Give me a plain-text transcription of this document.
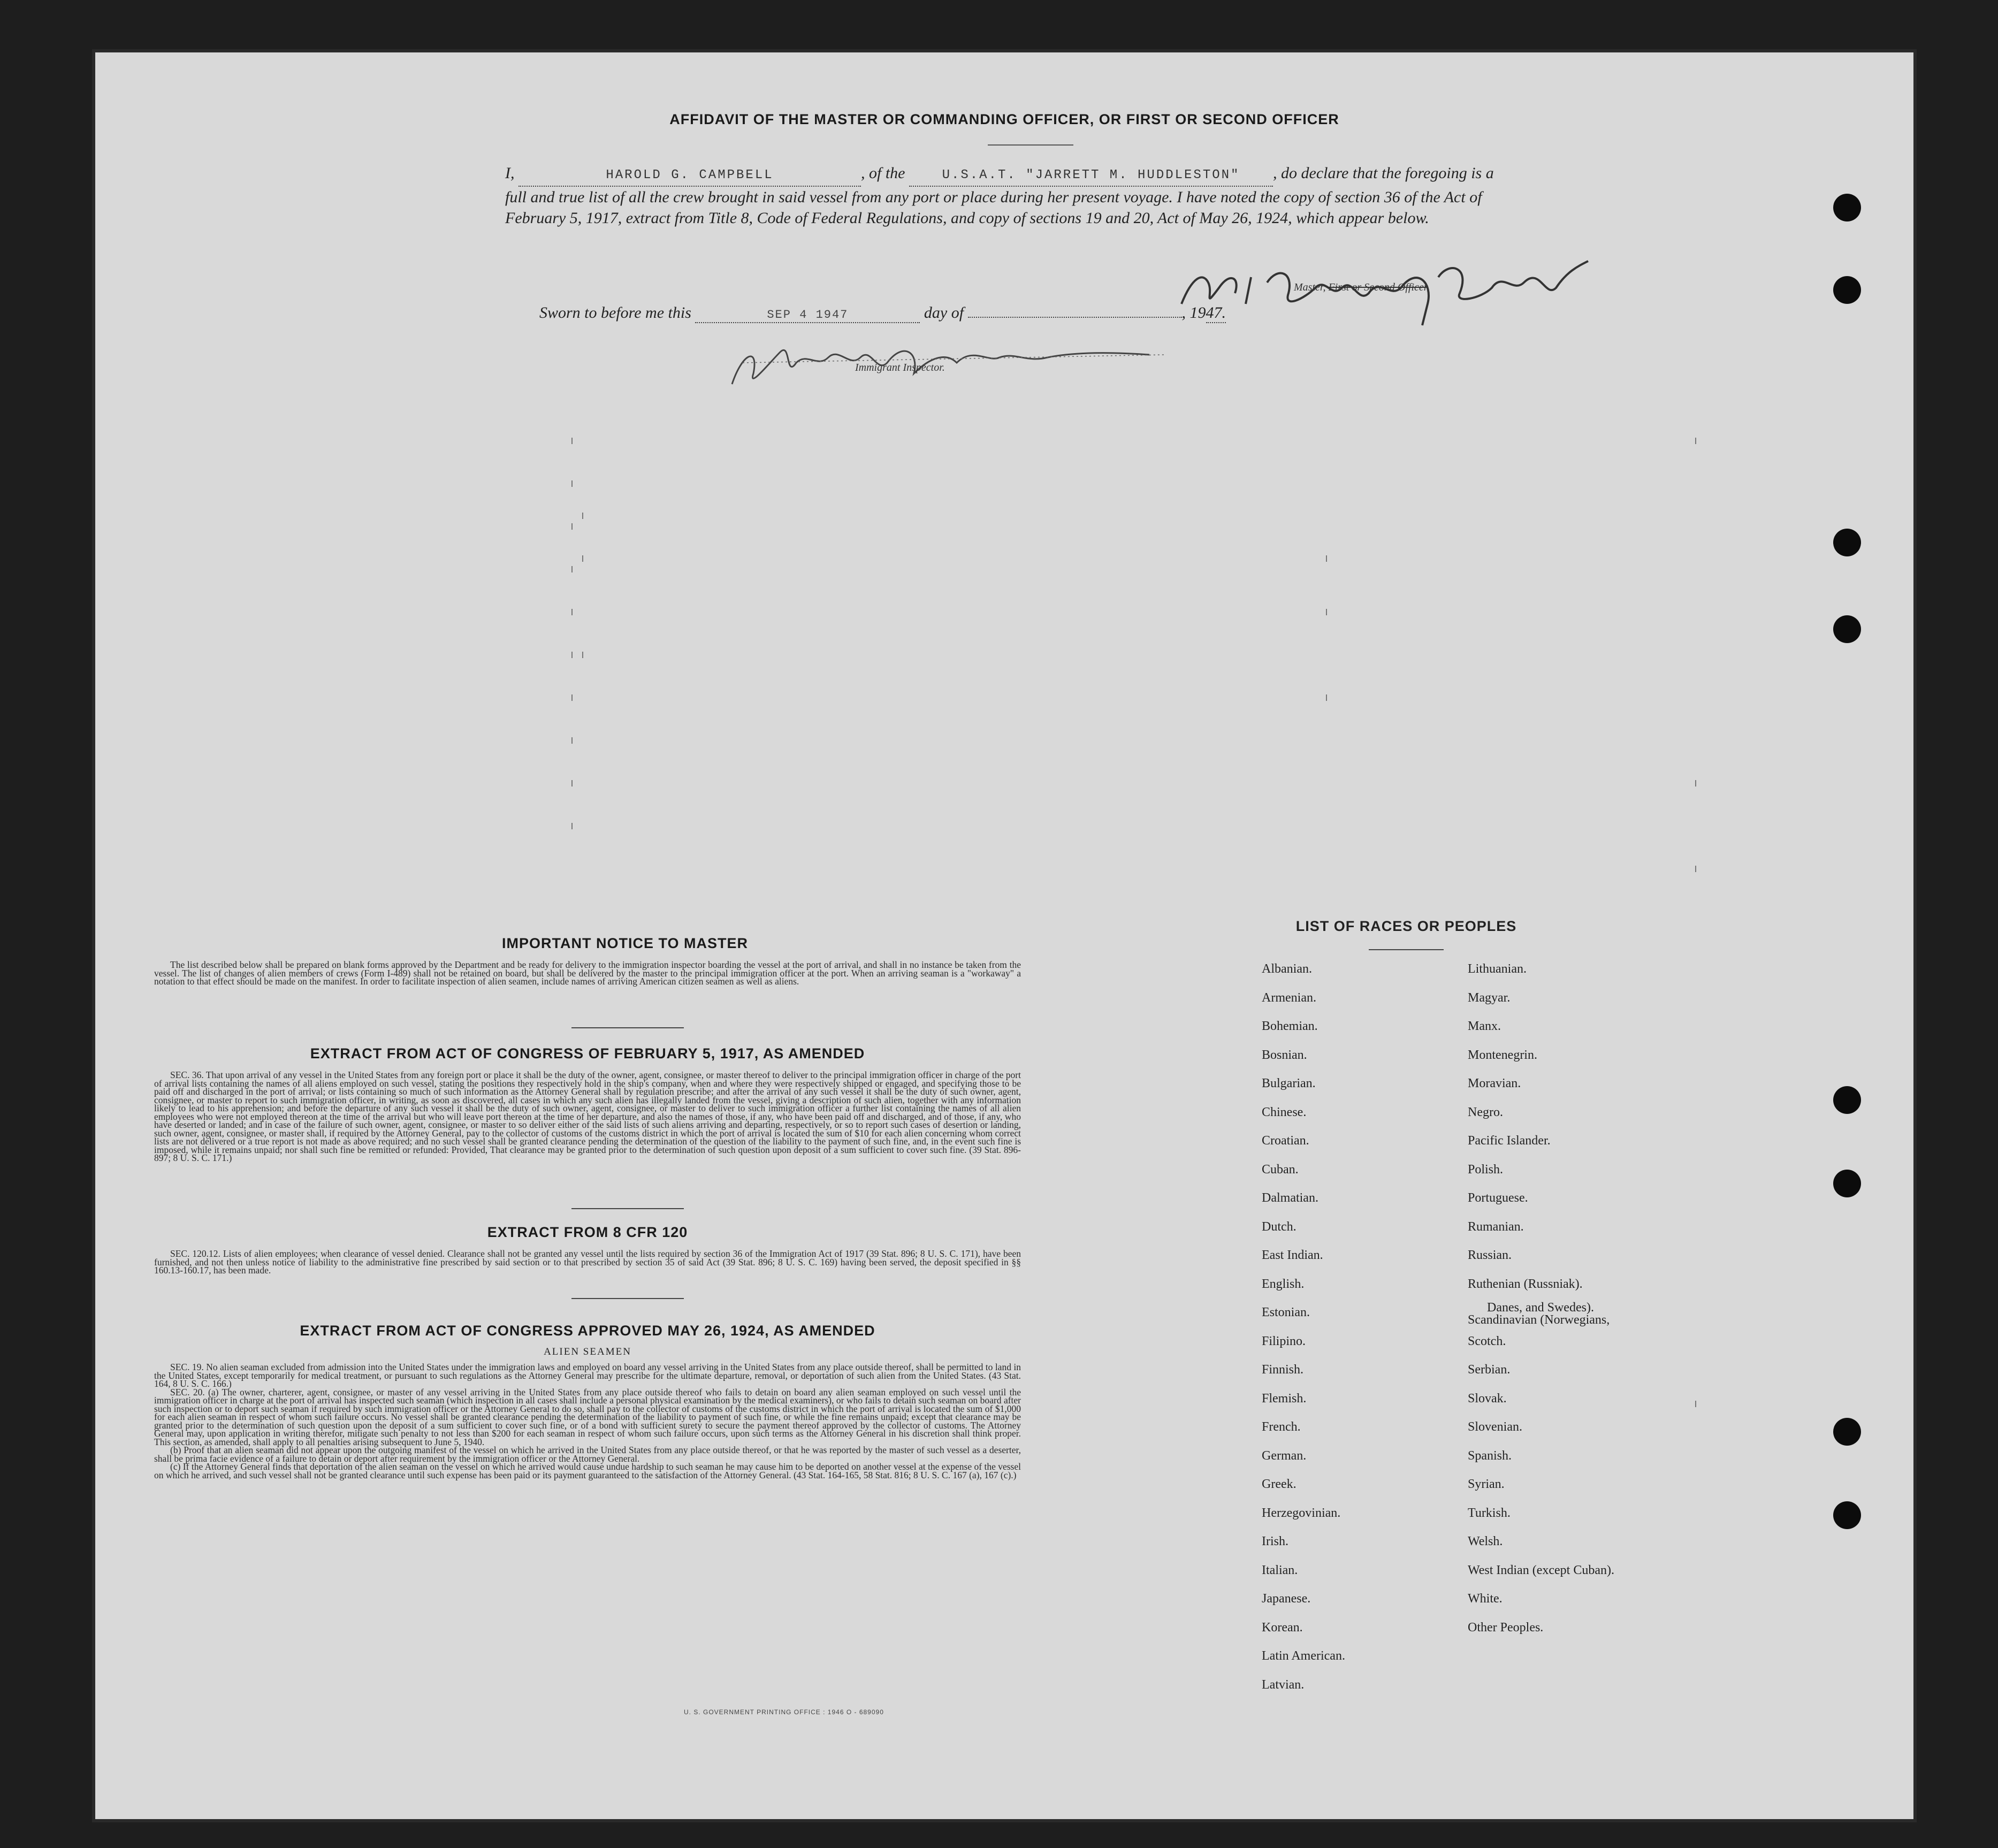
AFFIDAVIT OF THE MASTER OR COMMANDING OFFICER, OR FIRST OR SECOND OFFICER
I,	HAROLD G. CAMPBELL	, of the	U.S.A.T. "JARRETT M. HUDDLESTON" , do declare that the foregoing is a full and true list of all the crew brought in said vessel from any port or place during her present voyage. I have noted the copy of section 36 of the Act of February 5, 1917, extract from Title 8, Code of Federal Regulations, and copy of sections 19 and 20, Act of May 26, 1924, which appear below.
Master, First or Second Officer
Sworn to before me this	SEP 4 1947	day of	, 1947.
Immigrant Inspector.
IMPORTANT NOTICE TO MASTER

The list described below shall be prepared on blank forms approved by the Department and be ready for delivery to the immigration inspector boarding the vessel at the port of arrival, and shall in no instance be taken from the vessel. The list of changes of alien members of crews (Form I-489) shall not be retained on board, but shall be delivered by the master to the principal immigration officer at the port. When an arriving seaman is a "workaway" a notation to that effect should be made on the manifest. In order to facilitate inspection of alien seamen, include names of arriving American citizen seamen as well as aliens.

EXTRACT FROM ACT OF CONGRESS OF FEBRUARY 5, 1917, AS AMENDED

SEC. 36. That upon arrival of any vessel in the United States from any foreign port or place it shall be the duty of the owner, agent, consignee, or master thereof to deliver to the principal immigration officer in charge of the port of arrival lists containing the names of all aliens employed on such vessel, stating the positions they respectively hold in the ship's company, when and where they were respectively shipped or engaged, and specifying those to be paid off and discharged in the port of arrival; or lists containing so much of such information as the Attorney General shall by regulation prescribe; and after the arrival of any such vessel it shall be the duty of such owner, agent, consignee, or master to report to such immigration officer, in writing, as soon as discovered, all cases in which any such alien has illegally landed from the vessel, giving a description of such alien, together with any information likely to lead to his apprehension; and before the departure of any such vessel it shall be the duty of such owner, agent, consignee, or master to deliver to such immigration officer a further list containing the names of all alien employees who were not employed thereon at the time of the arrival but who will leave port thereon at the time of her departure, and also the names of those, if any, who have been paid off and discharged, and of those, if any, who have deserted or landed; and in case of the failure of such owner, agent, consignee, or master to so deliver either of the said lists of such aliens arriving and departing, respectively, or so to report such cases of desertion or landing, such owner, agent, consignee, or master shall, if required by the Attorney General, pay to the collector of customs of the customs district in which the port of arrival is located the sum of $10 for each alien concerning whom correct lists are not delivered or a true report is not made as above required; and no such vessel shall be granted clearance pending the determination of the question of the liability to the payment of such fine, and, in the event such fine is imposed, while it remains unpaid; nor shall such fine be remitted or refunded: Provided, That clearance may be granted prior to the determination of such question upon deposit of a sum sufficient to cover such fine. (39 Stat. 896-897; 8 U. S. C. 171.)

EXTRACT FROM 8 CFR 120

SEC. 120.12. Lists of alien employees; when clearance of vessel denied. Clearance shall not be granted any vessel until the lists required by section 36 of the Immigration Act of 1917 (39 Stat. 896; 8 U. S. C. 171), have been furnished, and not then unless notice of liability to the administrative fine prescribed by said section or to that prescribed by section 35 of said Act (39 Stat. 896; 8 U. S. C. 169) having been served, the deposit specified in §§ 160.13-160.17, has been made.

EXTRACT FROM ACT OF CONGRESS APPROVED MAY 26, 1924, AS AMENDED
ALIEN SEAMEN

SEC. 19. No alien seaman excluded from admission into the United States under the immigration laws and employed on board any vessel arriving in the United States from any place outside thereof, shall be permitted to land in the United States, except temporarily for medical treatment, or pursuant to such regulations as the Attorney General may prescribe for the ultimate departure, removal, or deportation of such alien from the United States. (43 Stat. 164, 8 U. S. C. 166.)

SEC. 20. (a) The owner, charterer, agent, consignee, or master of any vessel arriving in the United States from any place outside thereof who fails to detain on board any alien seaman employed on such vessel until the immigration officer in charge at the port of arrival has inspected such seaman (which inspection in all cases shall include a personal physical examination by the medical examiners), or who fails to detain such seaman on board after such inspection or to deport such seaman if required by such immigration officer or the Attorney General to do so, shall pay to the collector of customs of the customs district in which the port of arrival is located the sum of $1,000 for each alien seaman in respect of whom such failure occurs. No vessel shall be granted clearance pending the determination of the liability to payment of such fine, or while the fine remains unpaid; except that clearance may be granted prior to the determination of such question upon the deposit of a sum sufficient to cover such fine, or of a bond with sufficient surety to secure the payment thereof approved by the collector of customs. The Attorney General may, upon application in writing therefor, mitigate such penalty to not less than $200 for each seaman in respect of whom such failure occurs, upon such terms as the Attorney General in his discretion shall think proper. This section, as amended, shall apply to all penalties arising subsequent to June 5, 1940.

(b) Proof that an alien seaman did not appear upon the outgoing manifest of the vessel on which he arrived in the United States from any place outside thereof, or that he was reported by the master of such vessel as a deserter, shall be prima facie evidence of a failure to detain or deport after requirement by the immigration officer or the Attorney General.

(c) If the Attorney General finds that deportation of the alien seaman on the vessel on which he arrived would cause undue hardship to such seaman he may cause him to be deported on another vessel at the expense of the vessel on which he arrived, and such vessel shall not be granted clearance until such expense has been paid or its payment guaranteed to the satisfaction of the Attorney General. (43 Stat. 164-165, 58 Stat. 816; 8 U. S. C. 167 (a), 167 (c).)

U. S. GOVERNMENT PRINTING OFFICE : 1946 O - 689090
LIST OF RACES OR PEOPLES
Albanian.
Armenian.
Bohemian.
Bosnian.
Bulgarian.
Chinese.
Croatian.
Cuban.
Dalmatian.
Dutch.
East Indian.
English.
Estonian.
Filipino.
Finnish.
Flemish.
French.
German.
Greek.
Herzegovinian.
Irish.
Italian.
Japanese.
Korean.
Latin American.
Latvian.
Lithuanian.
Magyar.
Manx.
Montenegrin.
Moravian.
Negro.
Pacific Islander.
Polish.
Portuguese.
Rumanian.
Russian.
Ruthenian (Russniak).
Scandinavian (Norwegians,
Danes, and Swedes).
Scotch.
Serbian.
Slovak.
Slovenian.
Spanish.
Syrian.
Turkish.
Welsh.
West Indian (except Cuban).
White.
Other Peoples.
